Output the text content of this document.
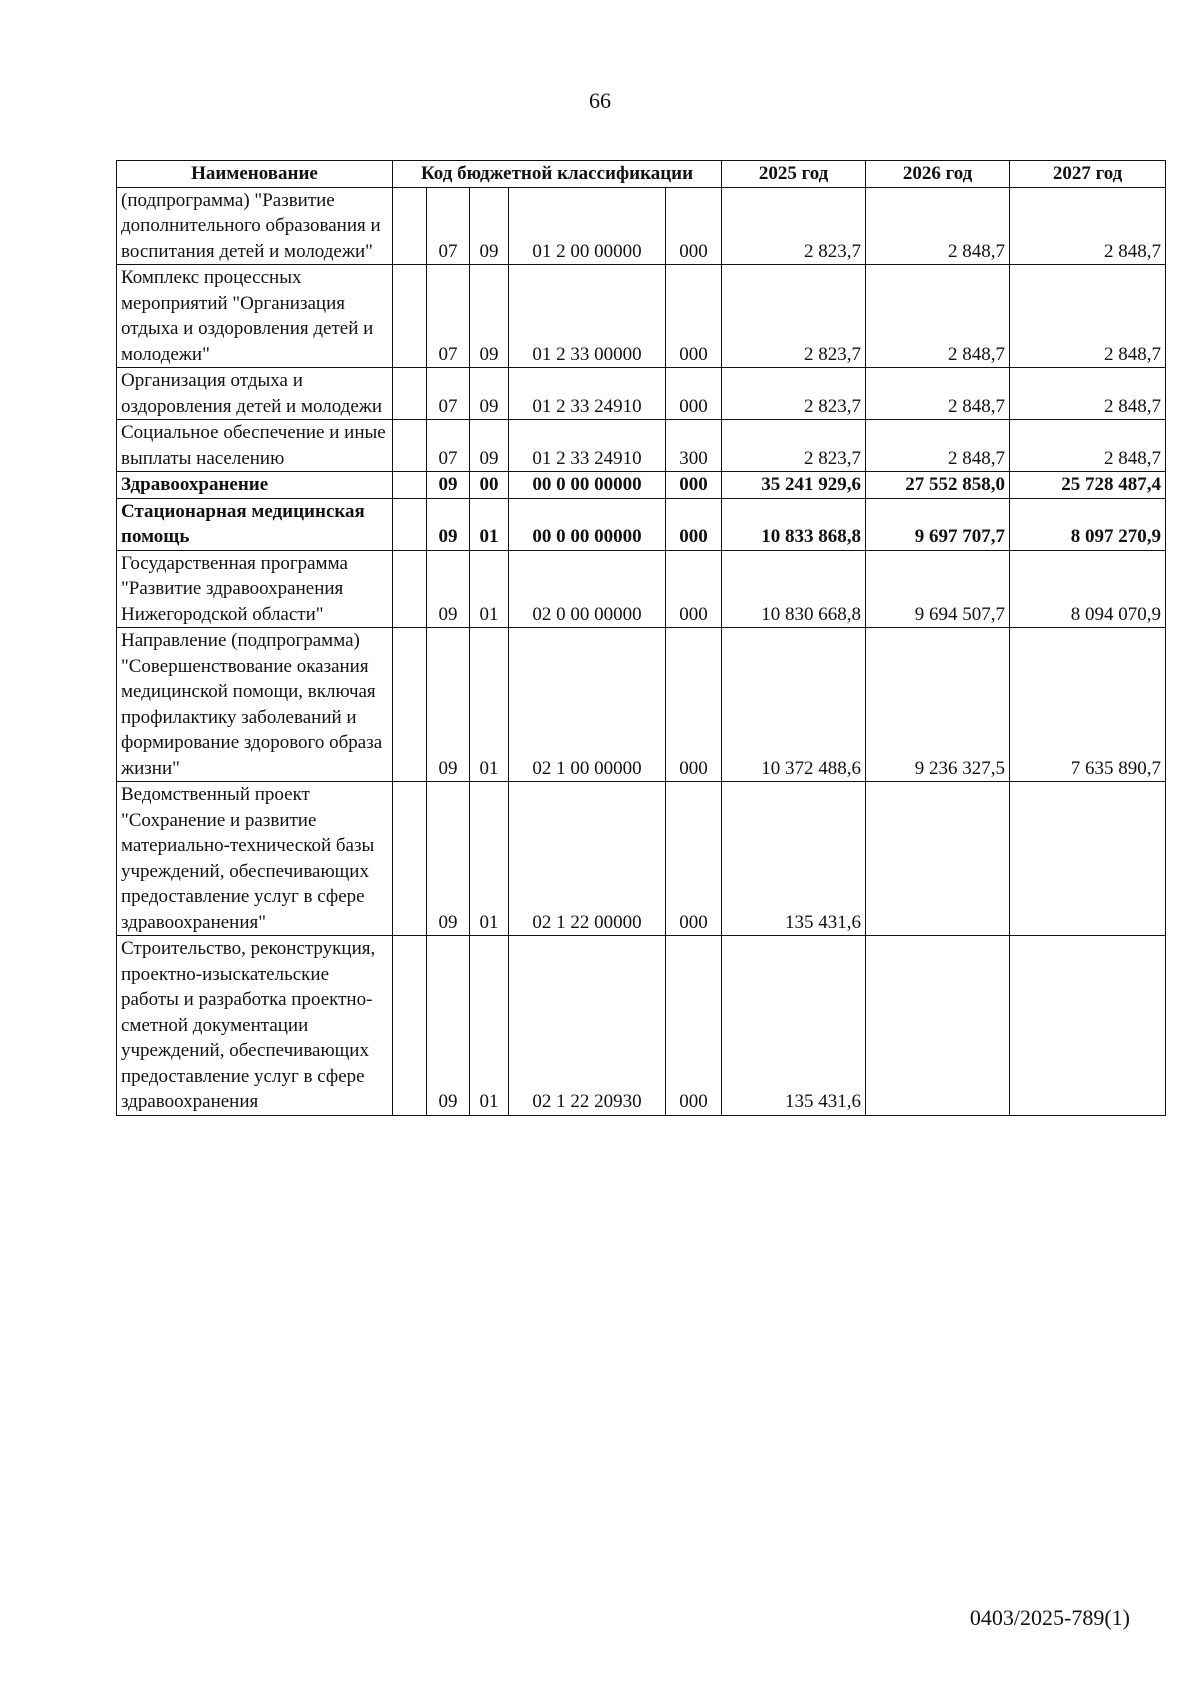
66
Наименование	Код бюджетной классификации					2025 год	2026 год	2027 год
(подпрограмма) "Развитие дополнительного образования и воспитания детей и молодежи"		07	09	01 2 00 00000	000	2 823,7	2 848,7	2 848,7
Комплекс процессных мероприятий "Организация отдыха и оздоровления детей и молодежи"		07	09	01 2 33 00000	000	2 823,7	2 848,7	2 848,7
Организация отдыха и оздоровления детей и молодежи		07	09	01 2 33 24910	000	2 823,7	2 848,7	2 848,7
Социальное обеспечение и иные выплаты населению		07	09	01 2 33 24910	300	2 823,7	2 848,7	2 848,7
Здравоохранение		09	00	00 0 00 00000	000	35 241 929,6	27 552 858,0	25 728 487,4
Стационарная медицинская помощь		09	01	00 0 00 00000	000	10 833 868,8	9 697 707,7	8 097 270,9
Государственная программа "Развитие здравоохранения Нижегородской области"		09	01	02 0 00 00000	000	10 830 668,8	9 694 507,7	8 094 070,9
Направление (подпрограмма) "Совершенствование оказания медицинской помощи, включая профилактику заболеваний и формирование здорового образа жизни"		09	01	02 1 00 00000	000	10 372 488,6	9 236 327,5	7 635 890,7
Ведомственный проект "Сохранение и развитие материально-технической базы учреждений, обеспечивающих предоставление услуг в сфере здравоохранения"		09	01	02 1 22 00000	000	135 431,6		
Строительство, реконструкция, проектно-изыскательские работы и разработка проектно-сметной документации учреждений, обеспечивающих предоставление услуг в сфере здравоохранения		09	01	02 1 22 20930	000	135 431,6		
0403/2025-789(1)
